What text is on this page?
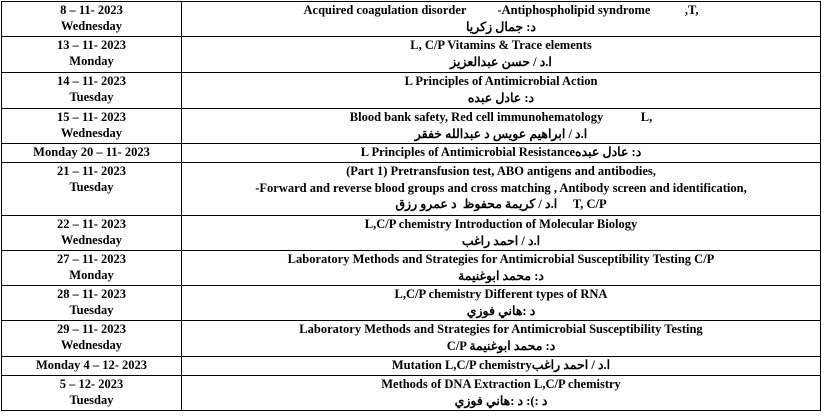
8 – 11- 2023
Wednesday	Acquired coagulation disorder          -Antiphospholipid syndrome           ,T,
د: جمال زكريا

13 – 11- 2023
Monday	L, C/P Vitamins & Trace elements
ا.د / حسن عبدالعزيز

14 – 11- 2023
Tuesday	L Principles of Antimicrobial Action
د: عادل عبده

15 – 11- 2023
Wednesday	Blood bank safety, Red cell immunohematology            L,
ا.د / ابراهيم عويس د عبدالله خفقر

Monday 20 – 11- 2023	L Principles of Antimicrobial Resistanceد: عادل عبده

21 – 11- 2023
Tuesday	(Part 1) Pretransfusion test, ABO antigens and antibodies,
-Forward and reverse blood groups and cross matching , Antibody screen and identification,
ا.د / كريمة محفوظ  د عمرو رزق     T, C/P

22 – 11- 2023
Wednesday	L,C/P chemistry Introduction of Molecular Biology
ا.د / احمد راغب

27 – 11- 2023
Monday	Laboratory Methods and Strategies for Antimicrobial Susceptibility Testing C/P
د: محمد ابوغنيمة

28 – 11- 2023
Tuesday	L,C/P chemistry Different types of RNA
د :هاني فوزي

29 – 11- 2023
Wednesday	Laboratory Methods and Strategies for Antimicrobial Susceptibility Testing
C/P د: محمد ابوغنيمة

Monday 4 – 12- 2023	Mutation L,C/P chemistryا.د / احمد راغب

5 – 12- 2023
Tuesday	Methods of DNA Extraction L,C/P chemistry
د :): د :هاني فوزي
